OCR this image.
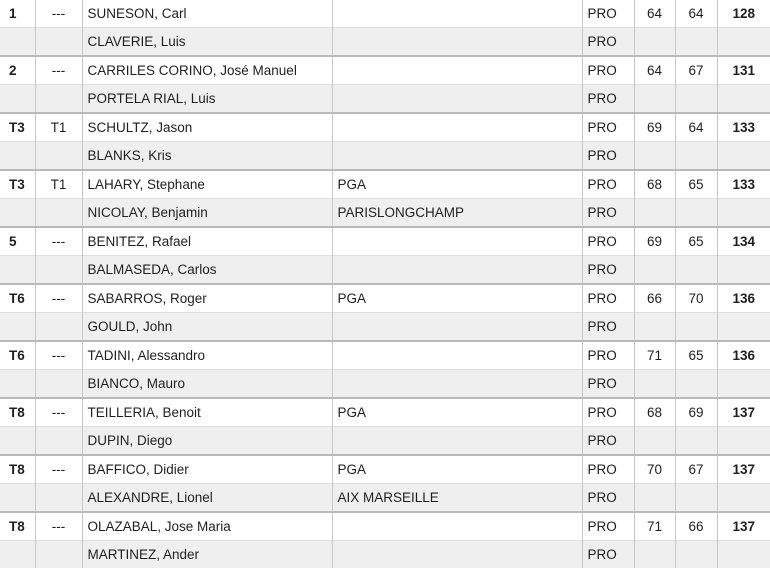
1	---	SUNESON, Carl		PRO	64	64	128
		CLAVERIE, Luis		PRO			
2	---	CARRILES CORINO, José Manuel		PRO	64	67	131
		PORTELA RIAL, Luis		PRO			
T3	T1	SCHULTZ, Jason		PRO	69	64	133
		BLANKS, Kris		PRO			
T3	T1	LAHARY, Stephane	PGA	PRO	68	65	133
		NICOLAY, Benjamin	PARISLONGCHAMP	PRO			
5	---	BENITEZ, Rafael		PRO	69	65	134
		BALMASEDA, Carlos		PRO			
T6	---	SABARROS, Roger	PGA	PRO	66	70	136
		GOULD, John		PRO			
T6	---	TADINI, Alessandro		PRO	71	65	136
		BIANCO, Mauro		PRO			
T8	---	TEILLERIA, Benoit	PGA	PRO	68	69	137
		DUPIN, Diego		PRO			
T8	---	BAFFICO, Didier	PGA	PRO	70	67	137
		ALEXANDRE, Lionel	AIX MARSEILLE	PRO			
T8	---	OLAZABAL, Jose Maria		PRO	71	66	137
		MARTINEZ, Ander		PRO			
